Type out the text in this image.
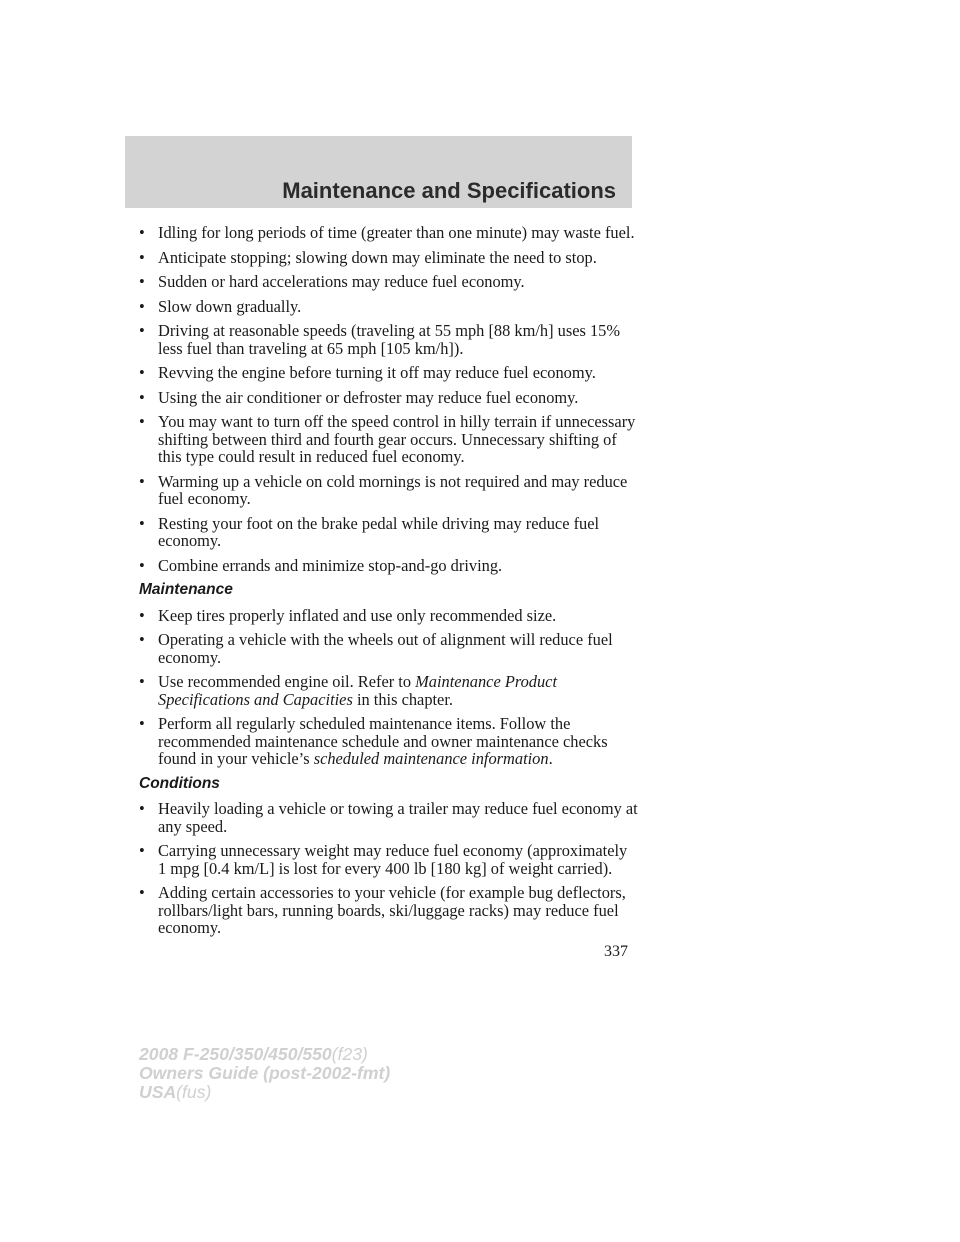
Maintenance and Specifications
• Idling for long periods of time (greater than one minute) may waste fuel.
• Anticipate stopping; slowing down may eliminate the need to stop.
• Sudden or hard accelerations may reduce fuel economy.
• Slow down gradually.
• Driving at reasonable speeds (traveling at 55 mph [88 km/h] uses 15% less fuel than traveling at 65 mph [105 km/h]).
• Revving the engine before turning it off may reduce fuel economy.
• Using the air conditioner or defroster may reduce fuel economy.
• You may want to turn off the speed control in hilly terrain if unnecessary shifting between third and fourth gear occurs. Unnecessary shifting of this type could result in reduced fuel economy.
• Warming up a vehicle on cold mornings is not required and may reduce fuel economy.
• Resting your foot on the brake pedal while driving may reduce fuel economy.
• Combine errands and minimize stop-and-go driving.
Maintenance
• Keep tires properly inflated and use only recommended size.
• Operating a vehicle with the wheels out of alignment will reduce fuel economy.
• Use recommended engine oil. Refer to Maintenance Product Specifications and Capacities in this chapter.
• Perform all regularly scheduled maintenance items. Follow the recommended maintenance schedule and owner maintenance checks found in your vehicle’s scheduled maintenance information.
Conditions
• Heavily loading a vehicle or towing a trailer may reduce fuel economy at any speed.
• Carrying unnecessary weight may reduce fuel economy (approximately 1 mpg [0.4 km/L] is lost for every 400 lb [180 kg] of weight carried).
• Adding certain accessories to your vehicle (for example bug deflectors, rollbars/light bars, running boards, ski/luggage racks) may reduce fuel economy.
337
2008 F-250/350/450/550(f23)
Owners Guide (post-2002-fmt)
USA(fus)
